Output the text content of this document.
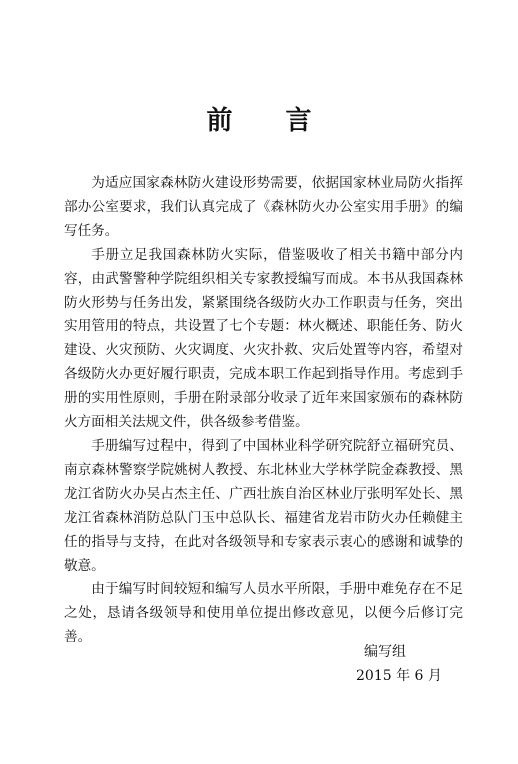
前 言

为适应国家森林防火建设形势需要，依据国家林业局防火指挥部办公室要求，我们认真完成了《森林防火办公室实用手册》的编写任务。

手册立足我国森林防火实际，借鉴吸收了相关书籍中部分内容，由武警警种学院组织相关专家教授编写而成。本书从我国森林防火形势与任务出发，紧紧围绕各级防火办工作职责与任务，突出实用管用的特点，共设置了七个专题：林火概述、职能任务、防火建设、火灾预防、火灾调度、火灾扑救、灾后处置等内容，希望对各级防火办更好履行职责，完成本职工作起到指导作用。考虑到手册的实用性原则，手册在附录部分收录了近年来国家颁布的森林防火方面相关法规文件，供各级参考借鉴。

手册编写过程中，得到了中国林业科学研究院舒立福研究员、南京森林警察学院姚树人教授、东北林业大学林学院金森教授、黑龙江省防火办吴占杰主任、广西壮族自治区林业厅张明军处长、黑龙江省森林消防总队门玉中总队长、福建省龙岩市防火办任赖健主任的指导与支持，在此对各级领导和专家表示衷心的感谢和诚挚的敬意。

由于编写时间较短和编写人员水平所限，手册中难免存在不足之处，恳请各级领导和使用单位提出修改意见，以便今后修订完善。

编写组
2015 年 6 月
